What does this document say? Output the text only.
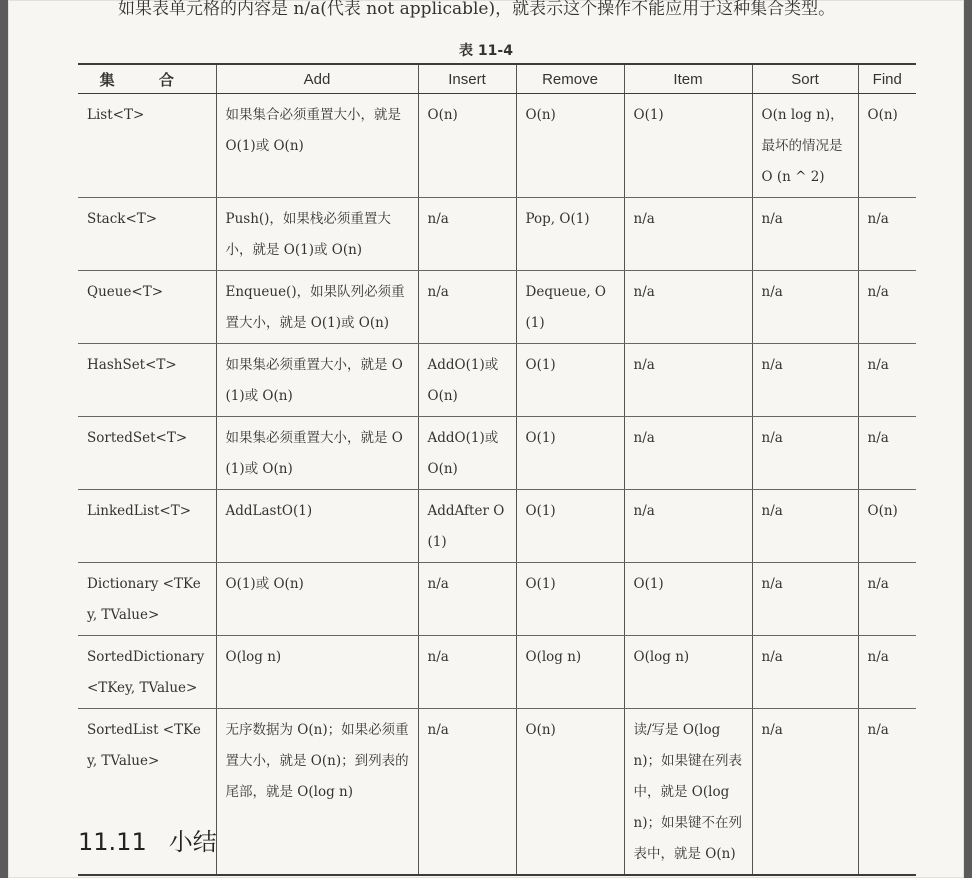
如果表单元格的内容是 n/a(代表 not applicable)，就表示这个操作不能应用于这种集合类型。
表 11-4
集 合	Add	Insert	Remove	Item	Sort	Find
List<T>	如果集合必须重置大小，就是 O(1)或 O(n)	O(n)	O(n)	O(1)	O(n log n)，最坏的情况是 O (n ^ 2)	O(n)
Stack<T>	Push()，如果栈必须重置大小，就是 O(1)或 O(n)	n/a	Pop, O(1)	n/a	n/a	n/a
Queue<T>	Enqueue()，如果队列必须重置大小，就是 O(1)或 O(n)	n/a	Dequeue, O(1)	n/a	n/a	n/a
HashSet<T>	如果集必须重置大小，就是 O(1)或 O(n)	AddO(1)或 O(n)	O(1)	n/a	n/a	n/a
SortedSet<T>	如果集必须重置大小，就是 O(1)或 O(n)	AddO(1)或 O(n)	O(1)	n/a	n/a	n/a
LinkedList<T>	AddLastO(1)	AddAfter O(1)	O(1)	n/a	n/a	O(n)
Dictionary <TKey, TValue>	O(1)或 O(n)	n/a	O(1)	O(1)	n/a	n/a
SortedDictionary <TKey, TValue>	O(log n)	n/a	O(log n)	O(log n)	n/a	n/a
SortedList <TKey, TValue>	无序数据为 O(n)；如果必须重置大小，就是 O(n)；到列表的尾部，就是 O(log n)	n/a	O(n)	读/写是 O(log n)；如果键在列表中，就是 O(log n)；如果键不在列表中，就是 O(n)	n/a	n/a
11.11 小结
